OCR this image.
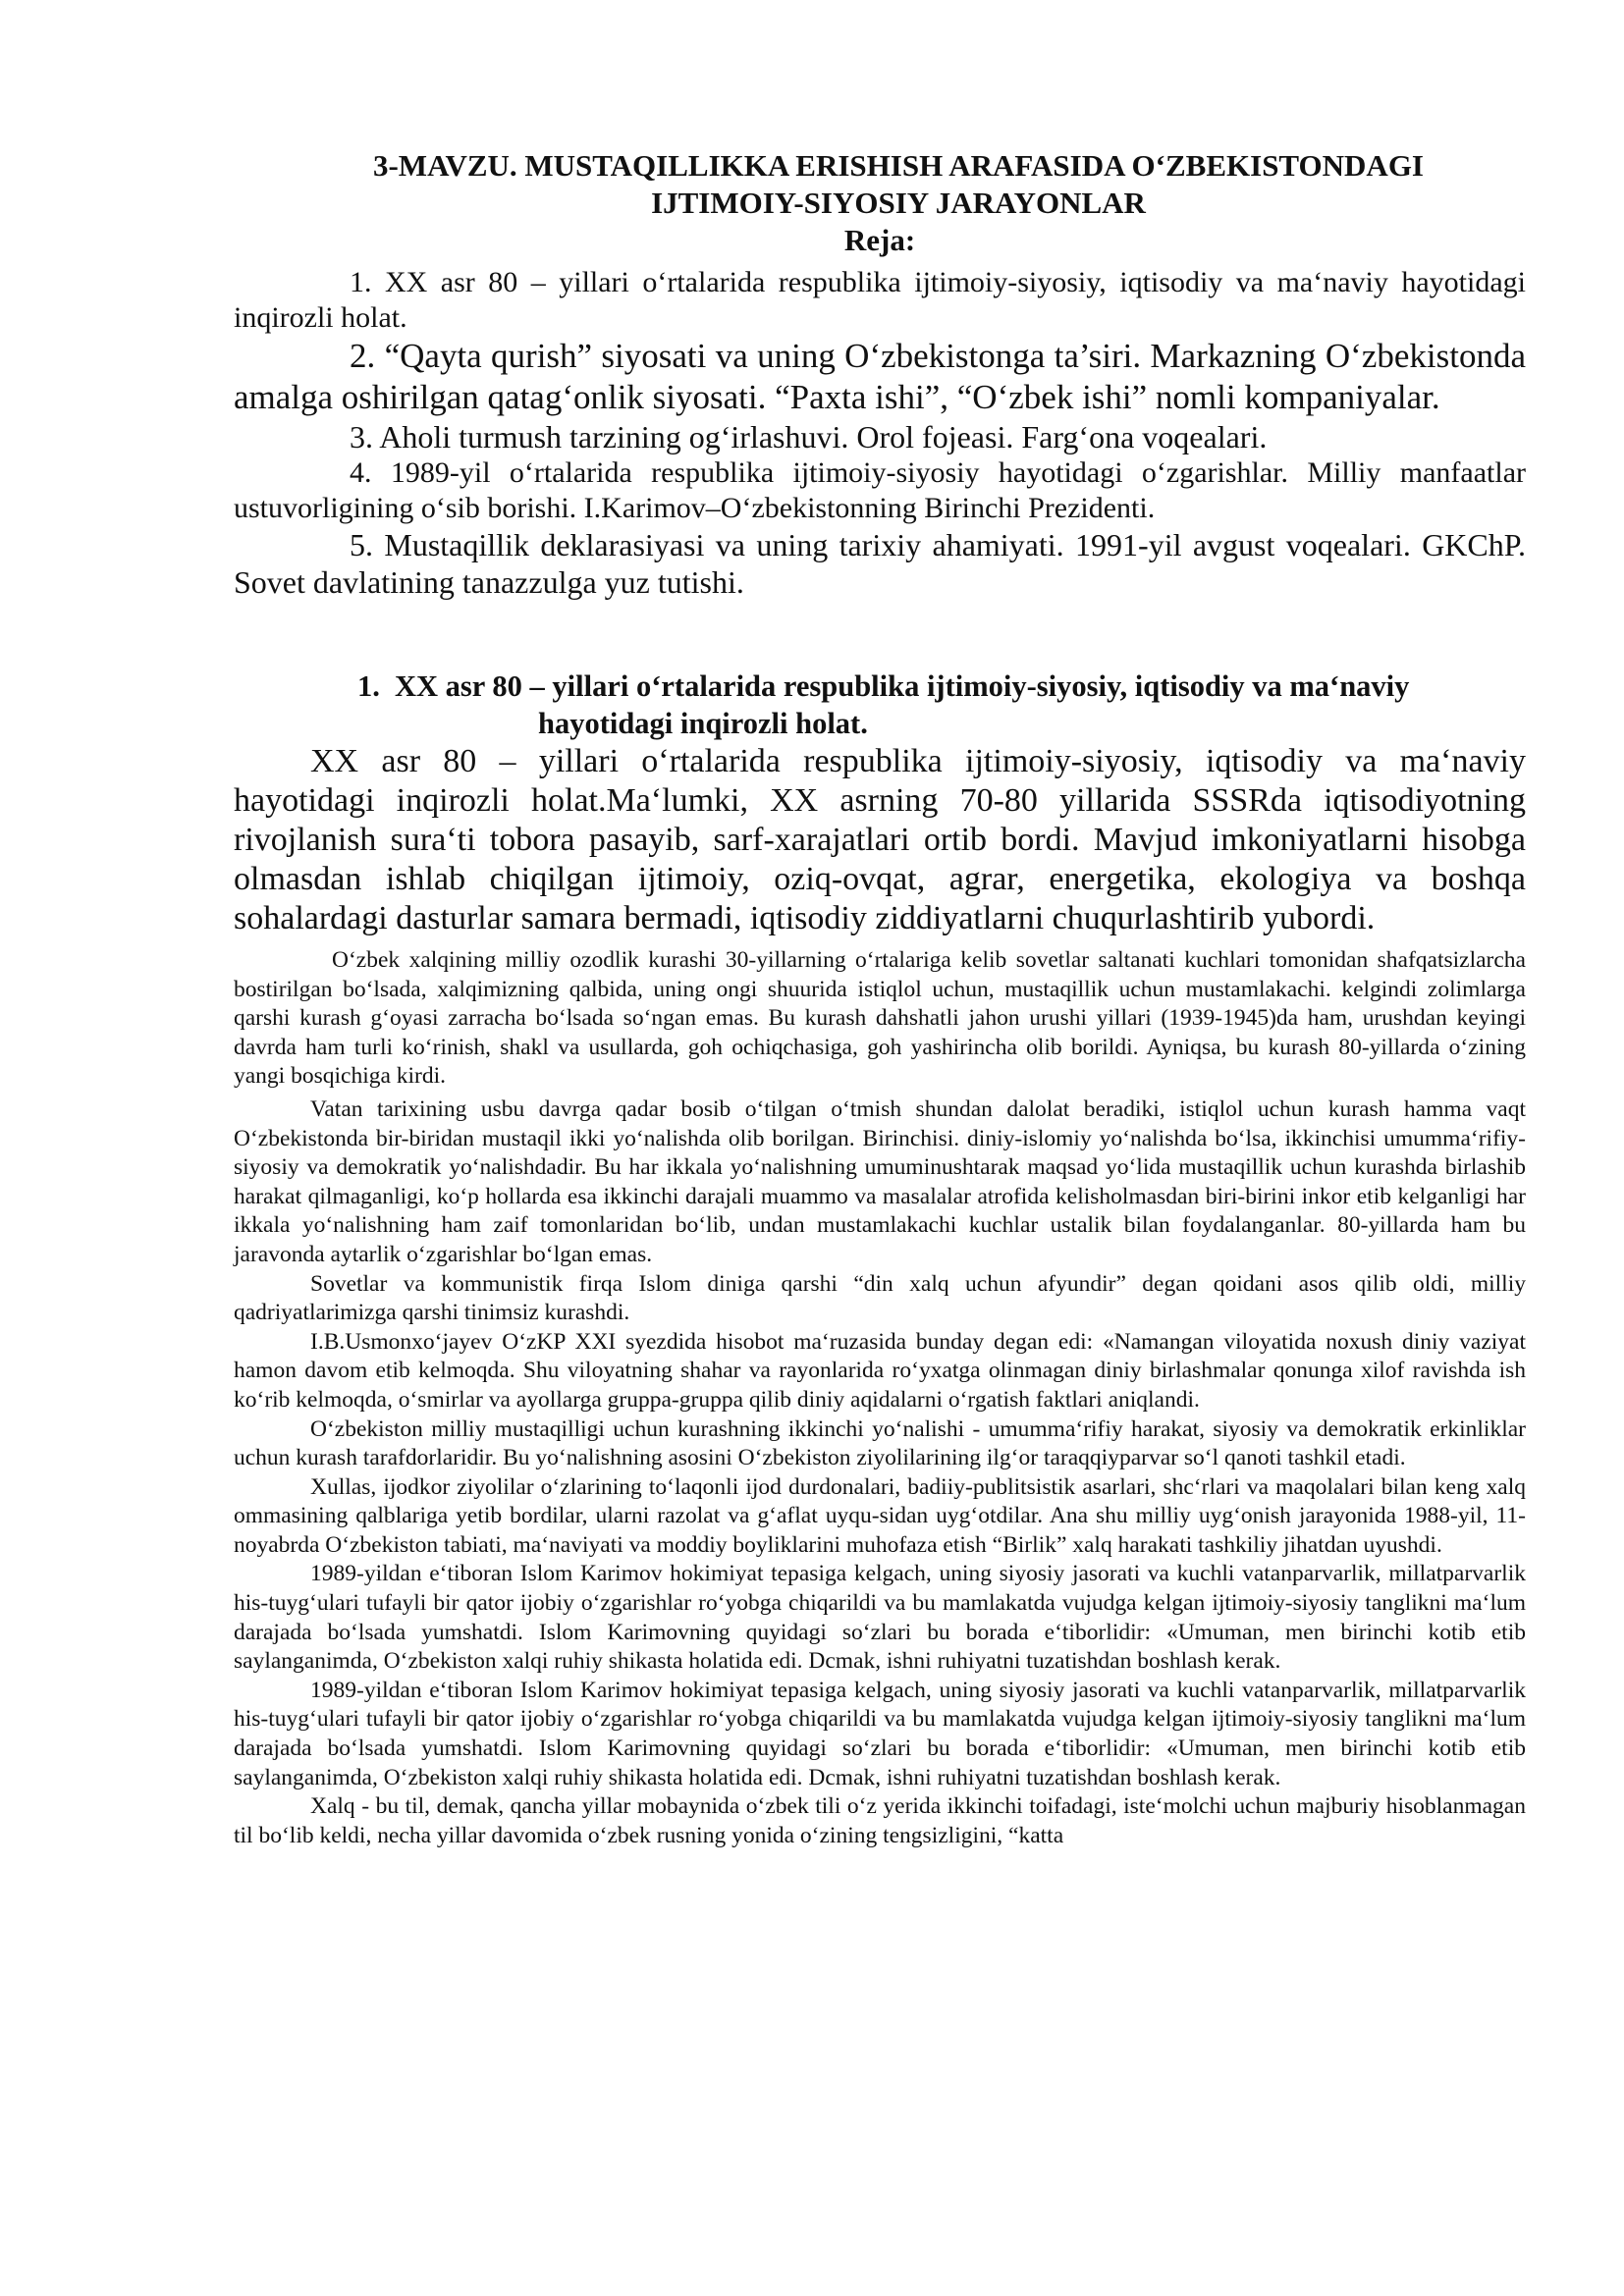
3-MAVZU. MUSTAQILLIKKA ERISHISH ARAFASIDA O‘ZBEKISTONDAGI
IJTIMOIY-SIYOSIY JARAYONLAR
Reja:

1. XX asr 80 – yillari o‘rtalarida respublika ijtimoiy-siyosiy, iqtisodiy va ma‘naviy hayotidagi inqirozli holat.

2. “Qayta qurish” siyosati va uning O‘zbekistonga ta’siri. Markazning O‘zbekistonda amalga oshirilgan qatag‘onlik siyosati. “Paxta ishi”, “O‘zbek ishi” nomli kompaniyalar.

3. Aholi turmush tarzining og‘irlashuvi. Orol fojeasi. Farg‘ona voqealari.

4. 1989-yil o‘rtalarida respublika ijtimoiy-siyosiy hayotidagi o‘zgarishlar. Milliy manfaatlar ustuvorligining o‘sib borishi. I.Karimov–O‘zbekistonning Birinchi Prezidenti.

5. Mustaqillik deklarasiyasi va uning tarixiy ahamiyati. 1991-yil avgust voqealari. GKChP. Sovet davlatining tanazzulga yuz tutishi.

1. XX asr 80 – yillari o‘rtalarida respublika ijtimoiy-siyosiy, iqtisodiy va ma‘naviy
hayotidagi inqirozli holat.

XX asr 80 – yillari o‘rtalarida respublika ijtimoiy-siyosiy, iqtisodiy va ma‘naviy hayotidagi inqirozli holat.Ma‘lumki, XX asrning 70-80 yillarida SSSRda iqtisodiyotning rivojlanish sura‘ti tobora pasayib, sarf-xarajatlari ortib bordi. Mavjud imkoniyatlarni hisobga olmasdan ishlab chiqilgan ijtimoiy, oziq-ovqat, agrar, energetika, ekologiya va boshqa sohalardagi dasturlar samara bermadi, iqtisodiy ziddiyatlarni chuqurlashtirib yubordi.

O‘zbek xalqining milliy ozodlik kurashi 30-yillarning o‘rtalariga kelib sovetlar saltanati kuchlari tomonidan shafqatsizlarcha bostirilgan bo‘lsada, xalqimizning qalbida, uning ongi shuurida istiqlol uchun, mustaqillik uchun mustamlakachi. kelgindi zolimlarga qarshi kurash g‘oyasi zarracha bo‘lsada so‘ngan emas. Bu kurash dahshatli jahon urushi yillari (1939-1945)da ham, urushdan keyingi davrda ham turli ko‘rinish, shakl va usullarda, goh ochiqchasiga, goh yashirincha olib borildi. Ayniqsa, bu kurash 80-yillarda o‘zining yangi bosqichiga kirdi.

Vatan tarixining usbu davrga qadar bosib o‘tilgan o‘tmish shundan dalolat beradiki, istiqlol uchun kurash hamma vaqt O‘zbekistonda bir-biridan mustaqil ikki yo‘nalishda olib borilgan. Birinchisi. diniy-islomiy yo‘nalishda bo‘lsa, ikkinchisi umumma‘rifiy-siyosiy va demokratik yo‘nalishdadir. Bu har ikkala yo‘nalishning umuminushtarak maqsad yo‘lida mustaqillik uchun kurashda birlashib harakat qilmaganligi, ko‘p hollarda esa ikkinchi darajali muammo va masalalar atrofida kelisholmasdan biri-birini inkor etib kelganligi har ikkala yo‘nalishning ham zaif tomonlaridan bo‘lib, undan mustamlakachi kuchlar ustalik bilan foydalanganlar. 80-yillarda ham bu jaravonda aytarlik o‘zgarishlar bo‘lgan emas.

Sovetlar va kommunistik firqa Islom diniga qarshi “din xalq uchun afyundir” degan qoidani asos qilib oldi, milliy qadriyatlarimizga qarshi tinimsiz kurashdi.

I.B.Usmonxo‘jayev O‘zKP XXI syezdida hisobot ma‘ruzasida bunday degan edi: «Namangan viloyatida noxush diniy vaziyat hamon davom etib kelmoqda. Shu viloyatning shahar va rayonlarida ro‘yxatga olinmagan diniy birlashmalar qonunga xilof ravishda ish ko‘rib kelmoqda, o‘smirlar va ayollarga gruppa-gruppa qilib diniy aqidalarni o‘rgatish faktlari aniqlandi.

O‘zbekiston milliy mustaqilligi uchun kurashning ikkinchi yo‘nalishi - umumma‘rifiy harakat, siyosiy va demokratik erkinliklar uchun kurash tarafdorlaridir. Bu yo‘nalishning asosini O‘zbekiston ziyolilarining ilg‘or taraqqiyparvar so‘l qanoti tashkil etadi.

Xullas, ijodkor ziyolilar o‘zlarining to‘laqonli ijod durdonalari, badiiy-publitsistik asarlari, shc‘rlari va maqolalari bilan keng xalq ommasining qalblariga yetib bordilar, ularni razolat va g‘aflat uyqu-sidan uyg‘otdilar. Ana shu milliy uyg‘onish jarayonida 1988-yil, 11-noyabrda O‘zbekiston tabiati, ma‘naviyati va moddiy boyliklarini muhofaza etish “Birlik” xalq harakati tashkiliy jihatdan uyushdi.

1989-yildan e‘tiboran Islom Karimov hokimiyat tepasiga kelgach, uning siyosiy jasorati va kuchli vatanparvarlik, millatparvarlik his-tuyg‘ulari tufayli bir qator ijobiy o‘zgarishlar ro‘yobga chiqarildi va bu mamlakatda vujudga kelgan ijtimoiy-siyosiy tanglikni ma‘lum darajada bo‘lsada yumshatdi. Islom Karimovning quyidagi so‘zlari bu borada e‘tiborlidir: «Umuman, men birinchi kotib etib saylanganimda, O‘zbekiston xalqi ruhiy shikasta holatida edi. Dcmak, ishni ruhiyatni tuzatishdan boshlash kerak.

1989-yildan e‘tiboran Islom Karimov hokimiyat tepasiga kelgach, uning siyosiy jasorati va kuchli vatanparvarlik, millatparvarlik his-tuyg‘ulari tufayli bir qator ijobiy o‘zgarishlar ro‘yobga chiqarildi va bu mamlakatda vujudga kelgan ijtimoiy-siyosiy tanglikni ma‘lum darajada bo‘lsada yumshatdi. Islom Karimovning quyidagi so‘zlari bu borada e‘tiborlidir: «Umuman, men birinchi kotib etib saylanganimda, O‘zbekiston xalqi ruhiy shikasta holatida edi. Dcmak, ishni ruhiyatni tuzatishdan boshlash kerak.

Xalq - bu til, demak, qancha yillar mobaynida o‘zbek tili o‘z yerida ikkinchi toifadagi, iste‘molchi uchun majburiy hisoblanmagan til bo‘lib keldi, necha yillar davomida o‘zbek rusning yonida o‘zining tengsizligini, “katta
